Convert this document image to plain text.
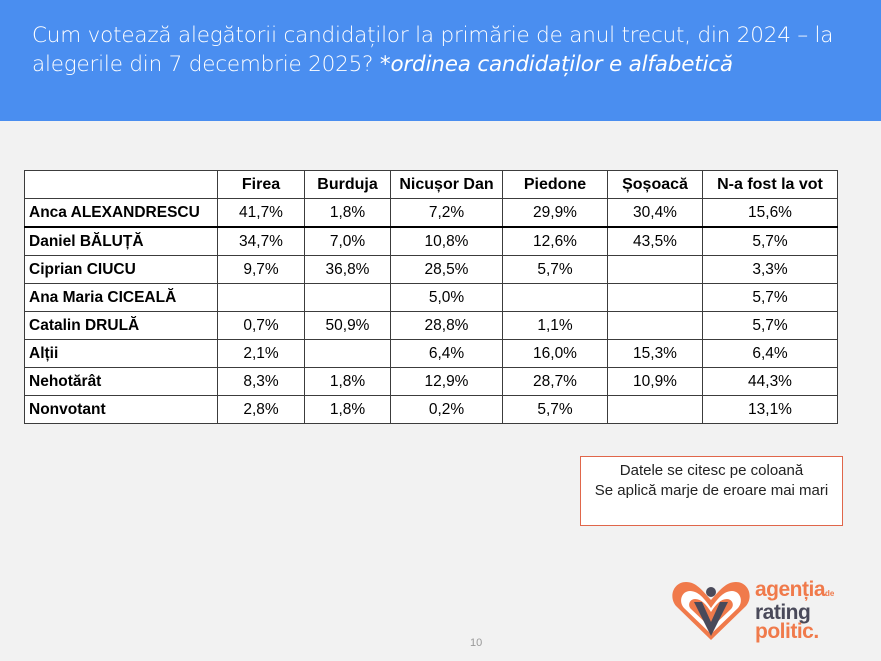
Cum votează alegătorii candidaților la primărie de anul trecut, din 2024 – la alegerile din 7 decembrie 2025? *ordinea candidaților e alfabetică
	Firea	Burduja	Nicușor Dan	Piedone	Șoșoacă	N-a fost la vot
Anca ALEXANDRESCU	41,7%	1,8%	7,2%	29,9%	30,4%	15,6%
Daniel BĂLUȚĂ	34,7%	7,0%	10,8%	12,6%	43,5%	5,7%
Ciprian CIUCU	9,7%	36,8%	28,5%	5,7%		3,3%
Ana Maria CICEALĂ			5,0%			5,7%
Catalin DRULĂ	0,7%	50,9%	28,8%	1,1%		5,7%
Alții	2,1%		6,4%	16,0%	15,3%	6,4%
Nehotărât	8,3%	1,8%	12,9%	28,7%	10,9%	44,3%
Nonvotant	2,8%	1,8%	0,2%	5,7%		13,1%
Datele se citesc pe coloană
Se aplică marje de eroare mai mari
10
agențiade
rating
politic.
